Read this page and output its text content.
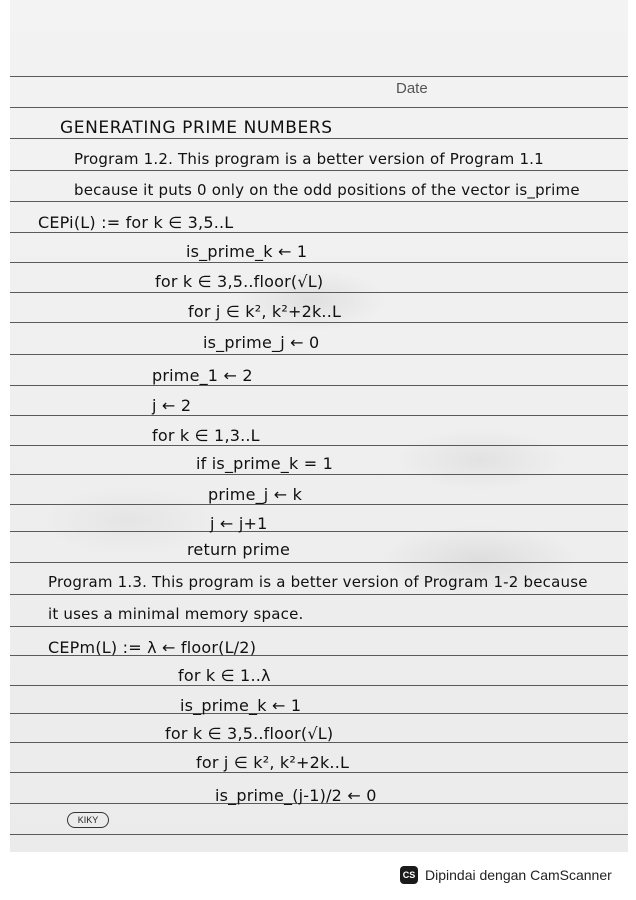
Date
GENERATING PRIME NUMBERS
Program 1.2. This program is a better version of Program 1.1
because it puts 0 only on the odd positions of the vector is_prime
CEPi(L) := for k ∈ 3,5..L
is_prime_k ← 1
for k ∈ 3,5..floor(√L)
for j ∈ k², k²+2k..L
is_prime_j ← 0
prime_1 ← 2
j ← 2
for k ∈ 1,3..L
if is_prime_k = 1
prime_j ← k
j ← j+1
return prime
Program 1.3. This program is a better version of Program 1-2 because
it uses a minimal memory space.
CEPm(L) := λ ← floor(L/2)
for k ∈ 1..λ
is_prime_k ← 1
for k ∈ 3,5..floor(√L)
for j ∈ k², k²+2k..L
is_prime_(j-1)/2 ← 0
KIKY
CS Dipindai dengan CamScanner
